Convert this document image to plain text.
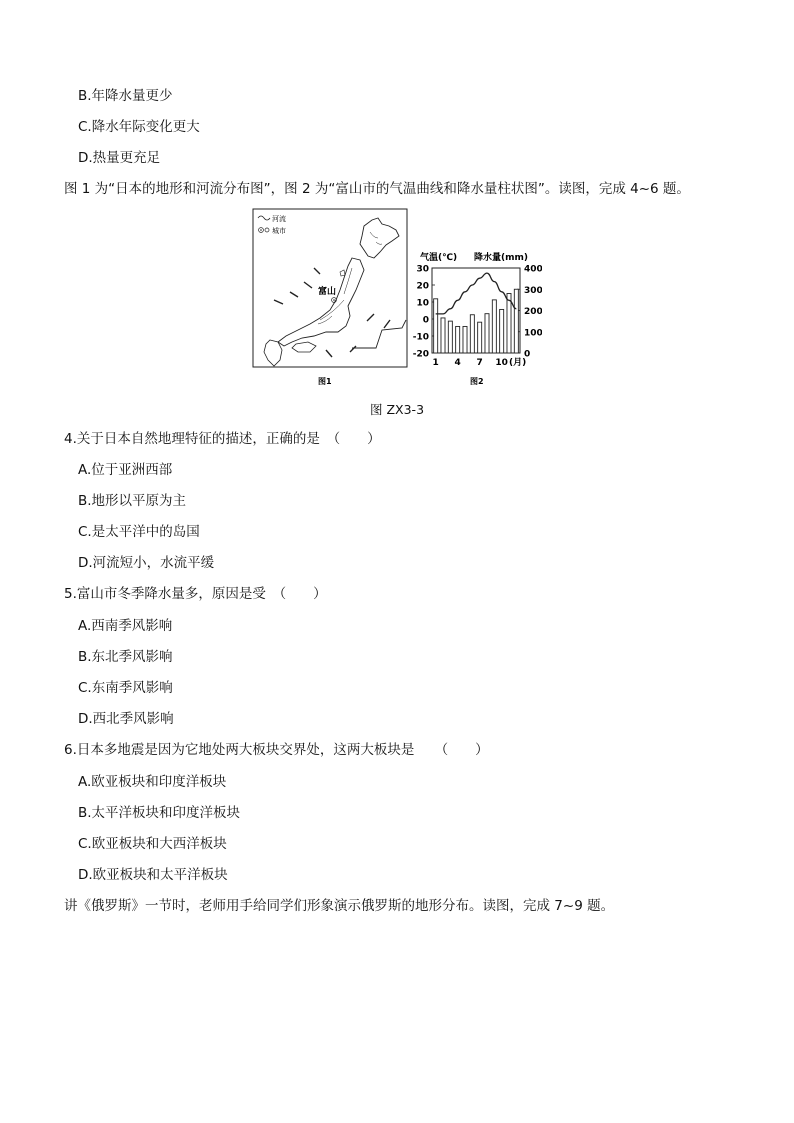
B.年降水量更少
C.降水年际变化更大
D.热量更充足
图 1 为“日本的地形和河流分布图”，图 2 为“富山市的气温曲线和降水量柱状图”。读图，完成 4~6 题。
河流
城市
富山
图1
气温(℃) 降水量(mm)
30
20
10
0
-10
-20
400
300
200
100
0
1 4 7 10 (月)
图2
图 ZX3-3
4.关于日本自然地理特征的描述，正确的是　（　　）
A.位于亚洲西部
B.地形以平原为主
C.是太平洋中的岛国
D.河流短小，水流平缓
5.富山市冬季降水量多，原因是受　（　　）
A.西南季风影响
B.东北季风影响
C.东南季风影响
D.西北季风影响
6.日本多地震是因为它地处两大板块交界处，这两大板块是　　（　　）
A.欧亚板块和印度洋板块
B.太平洋板块和印度洋板块
C.欧亚板块和大西洋板块
D.欧亚板块和太平洋板块
讲《俄罗斯》一节时，老师用手给同学们形象演示俄罗斯的地形分布。读图，完成 7~9 题。
